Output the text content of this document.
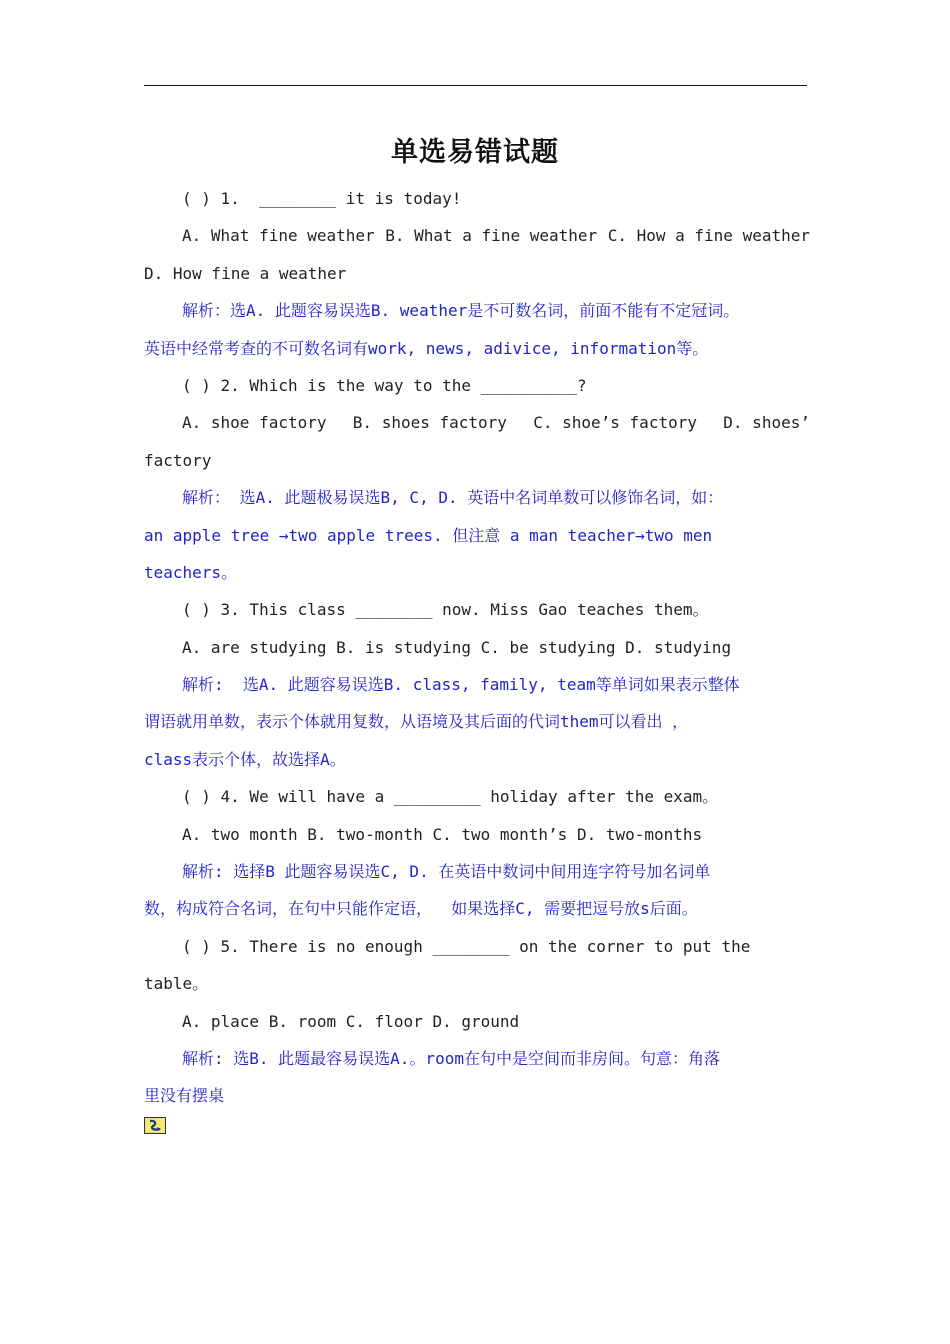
单选易错试题
( ) 1.  ________ it is today!
A. What fine weather B. What a fine weather C. How a fine weather
D. How fine a weather
解析：选A. 此题容易误选B. weather是不可数名词，前面不能有不定冠词。
英语中经常考查的不可数名词有work, news, adivice, information等。
( ) 2. Which is the way to the __________?
A. shoe factory B. shoes factory C. shoe’s factory D. shoes’
factory
解析： 选A. 此题极易误选B, C, D. 英语中名词单数可以修饰名词，如：
an apple tree →two apple trees. 但注意 a man teacher→two men
teachers。
( ) 3. This class ________ now. Miss Gao teaches them。
A. are studying B. is studying C. be studying D. studying
解析:  选A. 此题容易误选B. class, family, team等单词如果表示整体
谓语就用单数，表示个体就用复数，从语境及其后面的代词them可以看出 ，
class表示个体，故选择A。
( ) 4. We will have a _________ holiday after the exam。
A. two month B. two-month C. two month’s D. two-months
解析: 选择B 此题容易误选C, D. 在英语中数词中间用连字符号加名词单
数，构成符合名词，在句中只能作定语，  如果选择C, 需要把逗号放s后面。
( ) 5. There is no enough ________ on the corner to put the
table。
A. place B. room C. floor D. ground
解析: 选B. 此题最容易误选A.。room在句中是空间而非房间。句意：角落
里没有摆桌
